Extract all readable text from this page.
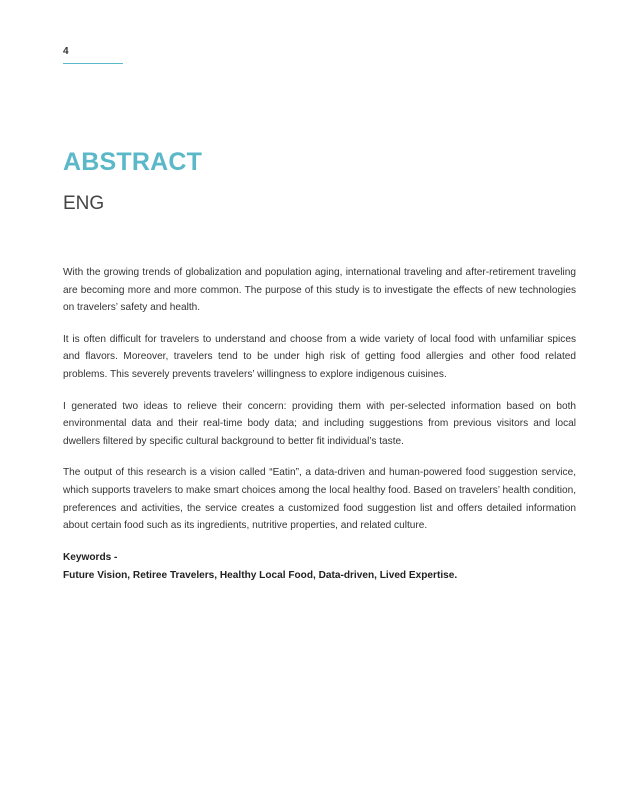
4
ABSTRACT
ENG

With the growing trends of globalization and population aging, international traveling and after-retirement traveling are becoming more and more common. The purpose of this study is to investigate the effects of new technologies on travelers’ safety and health.

It is often difficult for travelers to understand and choose from a wide variety of local food with unfamiliar spices and flavors. Moreover, travelers tend to be under high risk of getting food allergies and other food related problems. This severely prevents travelers’ willingness to explore indigenous cuisines.

I generated two ideas to relieve their concern: providing them with per-selected information based on both environmental data and their real-time body data; and including suggestions from previous visitors and local dwellers filtered by specific cultural background to better fit individual’s taste.

The output of this research is a vision called “Eatin”, a data-driven and human-powered food suggestion service, which supports travelers to make smart choices among the local healthy food. Based on travelers’ health condition, preferences and activities, the service creates a customized food suggestion list and offers detailed information about certain food such as its ingredients, nutritive properties, and related culture.

Keywords -
Future Vision, Retiree Travelers, Healthy Local Food, Data-driven, Lived Expertise.
